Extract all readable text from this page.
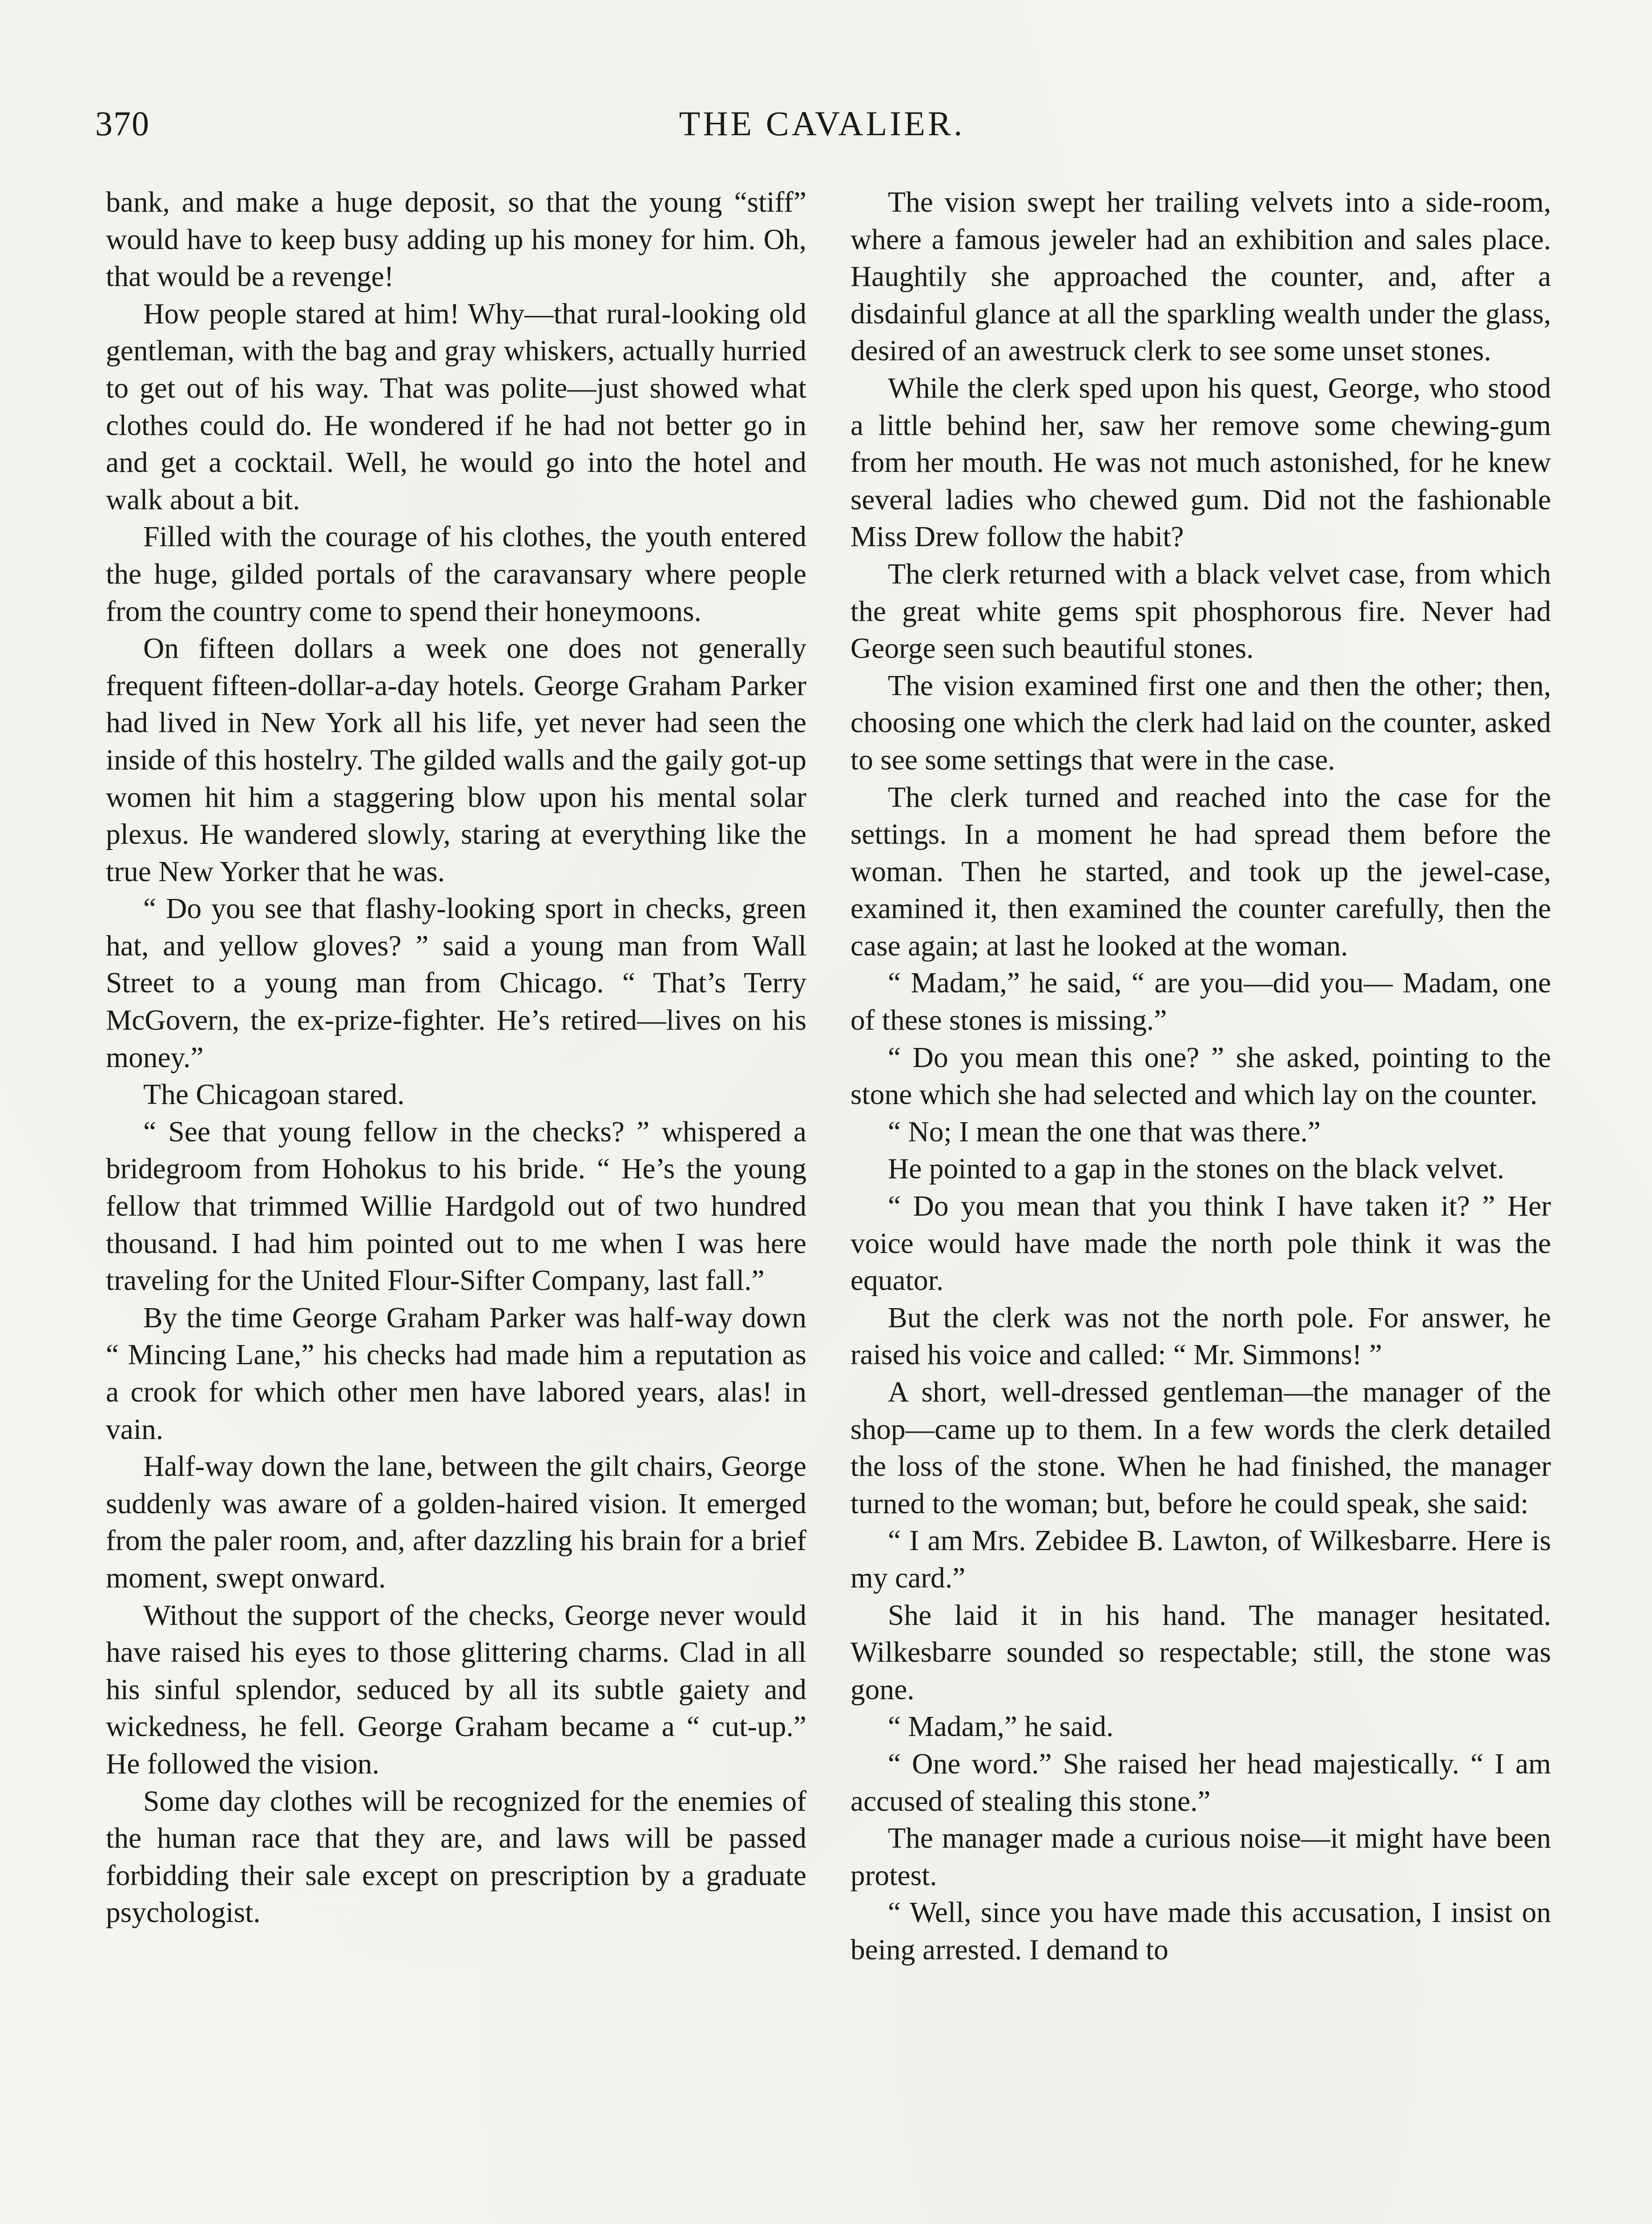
370	THE CAVALIER.

bank, and make a huge deposit, so that the young “stiff” would have to keep busy adding up his money for him. Oh, that would be a revenge!

How people stared at him! Why—that rural-looking old gentleman, with the bag and gray whiskers, actually hurried to get out of his way. That was polite—just showed what clothes could do. He wondered if he had not better go in and get a cocktail. Well, he would go into the hotel and walk about a bit.

Filled with the courage of his clothes, the youth entered the huge, gilded portals of the caravansary where people from the country come to spend their honeymoons.

On fifteen dollars a week one does not generally frequent fifteen-dollar-a-day hotels. George Graham Parker had lived in New York all his life, yet never had seen the inside of this hostelry. The gilded walls and the gaily got-up women hit him a staggering blow upon his mental solar plexus. He wandered slowly, staring at everything like the true New Yorker that he was.

“ Do you see that flashy-looking sport in checks, green hat, and yellow gloves? ” said a young man from Wall Street to a young man from Chicago. “ That’s Terry McGovern, the ex-prize-fighter. He’s retired—lives on his money.”

The Chicagoan stared.

“ See that young fellow in the checks? ” whispered a bridegroom from Hohokus to his bride. “ He’s the young fellow that trimmed Willie Hardgold out of two hundred thousand. I had him pointed out to me when I was here traveling for the United Flour-Sifter Company, last fall.”

By the time George Graham Parker was half-way down “ Mincing Lane,” his checks had made him a reputation as a crook for which other men have labored years, alas! in vain.

Half-way down the lane, between the gilt chairs, George suddenly was aware of a golden-haired vision. It emerged from the paler room, and, after dazzling his brain for a brief moment, swept onward.

Without the support of the checks, George never would have raised his eyes to those glittering charms. Clad in all his sinful splendor, seduced by all its subtle gaiety and wickedness, he fell. George Graham became a “ cut-up.” He followed the vision.

Some day clothes will be recognized for the enemies of the human race that they are, and laws will be passed forbidding their sale except on prescription by a graduate psychologist.

The vision swept her trailing velvets into a side-room, where a famous jeweler had an exhibition and sales place. Haughtily she approached the counter, and, after a disdainful glance at all the sparkling wealth under the glass, desired of an awestruck clerk to see some unset stones.

While the clerk sped upon his quest, George, who stood a little behind her, saw her remove some chewing-gum from her mouth. He was not much astonished, for he knew several ladies who chewed gum. Did not the fashionable Miss Drew follow the habit?

The clerk returned with a black velvet case, from which the great white gems spit phosphorous fire. Never had George seen such beautiful stones.

The vision examined first one and then the other; then, choosing one which the clerk had laid on the counter, asked to see some settings that were in the case.

The clerk turned and reached into the case for the settings. In a moment he had spread them before the woman. Then he started, and took up the jewel-case, examined it, then examined the counter carefully, then the case again; at last he looked at the woman.

“ Madam,” he said, “ are you—did you— Madam, one of these stones is missing.”

“ Do you mean this one? ” she asked, pointing to the stone which she had selected and which lay on the counter.

“ No; I mean the one that was there.”

He pointed to a gap in the stones on the black velvet.

“ Do you mean that you think I have taken it? ” Her voice would have made the north pole think it was the equator.

But the clerk was not the north pole. For answer, he raised his voice and called: “ Mr. Simmons! ”

A short, well-dressed gentleman—the manager of the shop—came up to them. In a few words the clerk detailed the loss of the stone. When he had finished, the manager turned to the woman; but, before he could speak, she said:

“ I am Mrs. Zebidee B. Lawton, of Wilkesbarre. Here is my card.”

She laid it in his hand. The manager hesitated. Wilkesbarre sounded so respectable; still, the stone was gone.

“ Madam,” he said.

“ One word.” She raised her head majestically. “ I am accused of stealing this stone.”

The manager made a curious noise—it might have been protest.

“ Well, since you have made this accusation, I insist on being arrested. I demand to
